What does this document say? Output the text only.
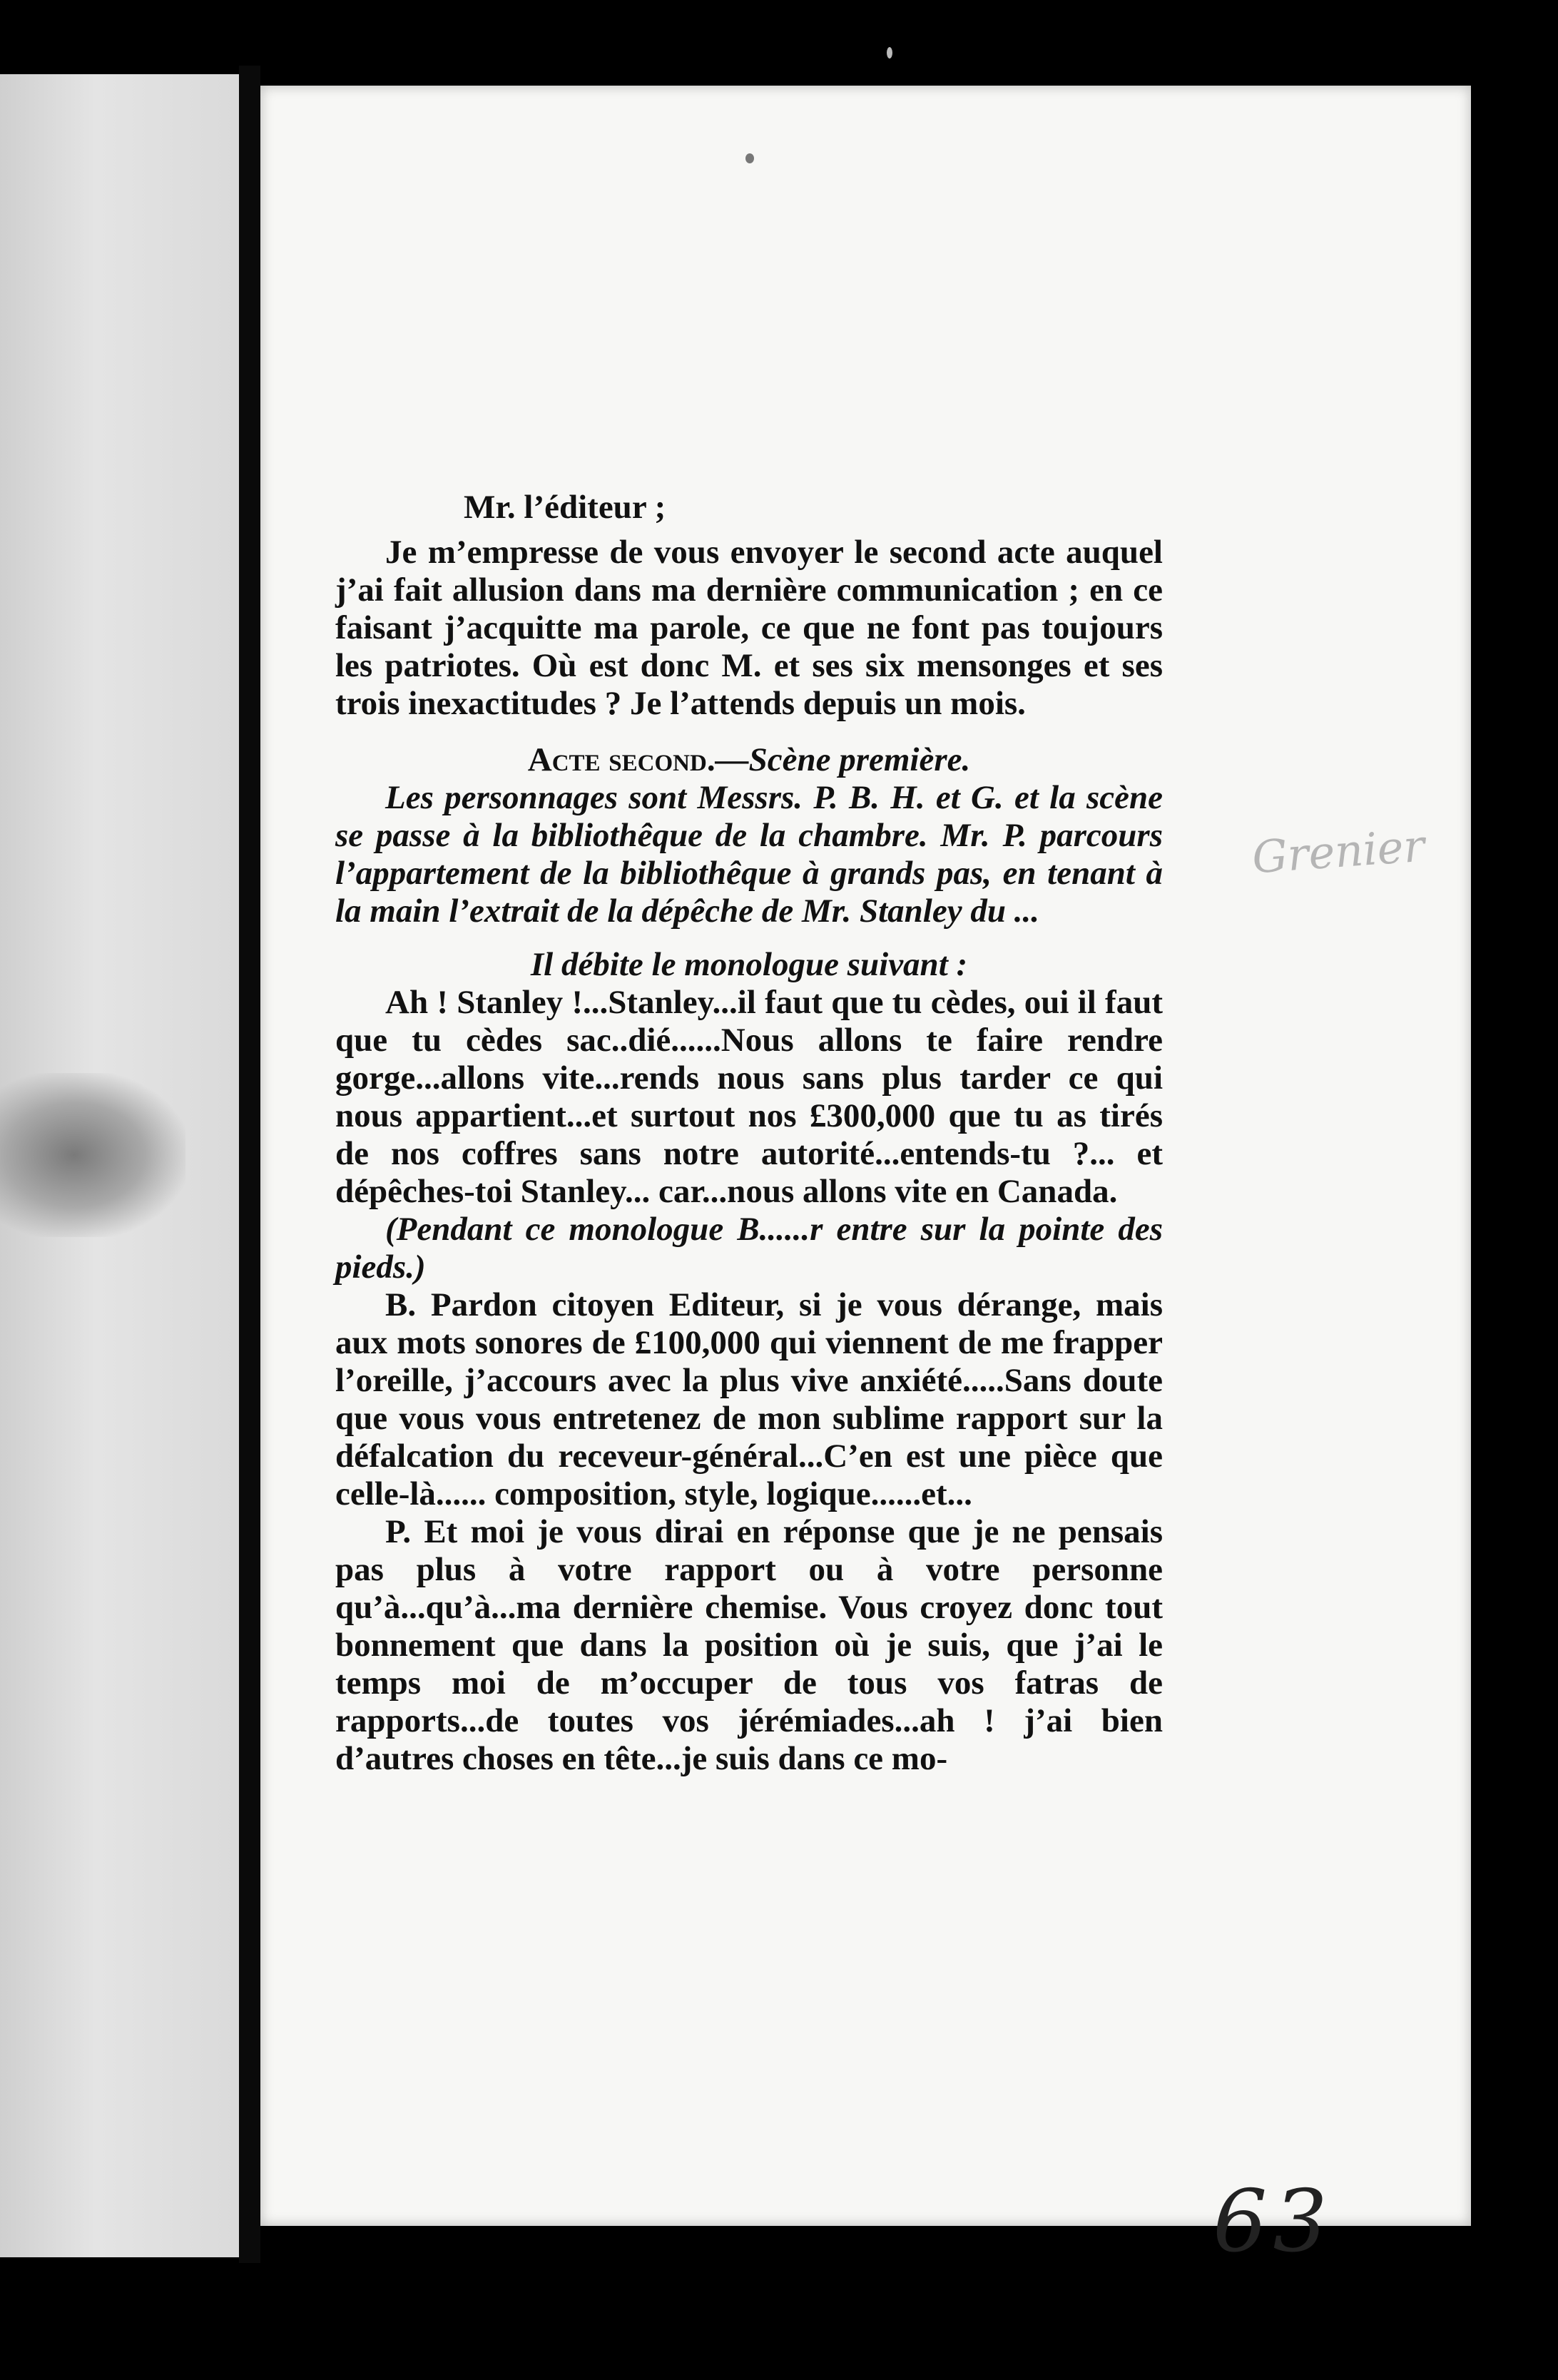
Mr. l’éditeur ;

Je m’empresse de vous envoyer le second acte auquel j’ai fait allusion dans ma dernière communication ; en ce faisant j’acquitte ma parole, ce que ne font pas toujours les patriotes. Où est donc M. et ses six mensonges et ses trois inexactitudes ? Je l’attends depuis un mois.

Acte second.—Scène première.

Les personnages sont Messrs. P. B. H. et G. et la scène se passe à la bibliothêque de la chambre. Mr. P. parcours l’appartement de la bibliothêque à grands pas, en tenant à la main l’extrait de la dépêche de Mr. Stanley du ...

Il débite le monologue suivant :

Ah ! Stanley !...Stanley...il faut que tu cèdes, oui il faut que tu cèdes sac..dié......Nous allons te faire rendre gorge...allons vite...rends nous sans plus tarder ce qui nous appartient...et surtout nos £300,000 que tu as tirés de nos coffres sans notre autorité...entends-tu ?... et dépêches-toi Stanley... car...nous allons vite en Canada.

(Pendant ce monologue B......r entre sur la pointe des pieds.)

B. Pardon citoyen Editeur, si je vous dérange, mais aux mots sonores de £100,000 qui viennent de me frapper l’oreille, j’accours avec la plus vive anxiété.....Sans doute que vous vous entretenez de mon sublime rapport sur la défalcation du receveur-général...C’en est une pièce que celle-là...... composition, style, logique......et...

P. Et moi je vous dirai en réponse que je ne pensais pas plus à votre rapport ou à votre personne qu’à...qu’à...ma dernière chemise. Vous croyez donc tout bonnement que dans la position où je suis, que j’ai le temps moi de m’occuper de tous vos fatras de rapports...de toutes vos jérémiades...ah ! j’ai bien d’autres choses en tête...je suis dans ce mo-

Grenier
63
